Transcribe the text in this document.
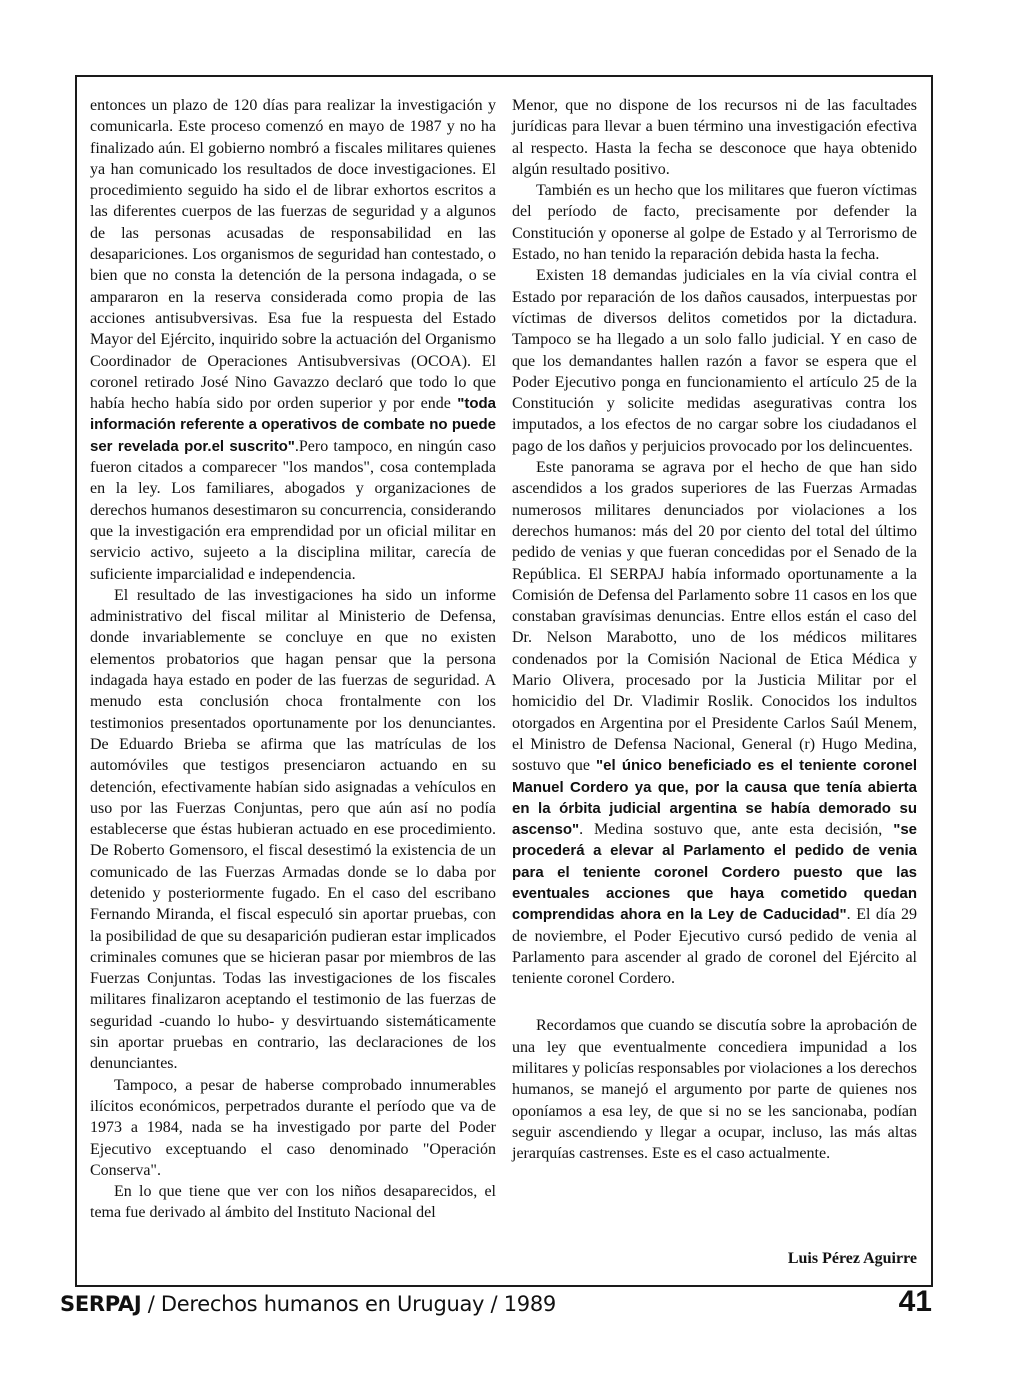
entonces un plazo de 120 días para realizar la investigación y comunicarla. Este proceso comenzó en mayo de 1987 y no ha finalizado aún. El gobierno nombró a fiscales militares quienes ya han comunicado los resultados de doce investigaciones. El procedimiento seguido ha sido el de librar exhortos escritos a las diferentes cuerpos de las fuerzas de seguridad y a algunos de las personas acusadas de responsabilidad en las desapariciones. Los organismos de seguridad han contestado, o bien que no consta la detención de la persona indagada, o se ampararon en la reserva considerada como propia de las acciones antisubversivas. Esa fue la respuesta del Estado Mayor del Ejército, inquirido sobre la actuación del Organismo Coordinador de Operaciones Antisubversivas (OCOA). El coronel retirado José Nino Gavazzo declaró que todo lo que había hecho había sido por orden superior y por ende "toda información referente a operativos de combate no puede ser revelada por.el suscrito".Pero tampoco, en ningún caso fueron citados a comparecer "los mandos", cosa contemplada en la ley. Los familiares, abogados y organizaciones de derechos humanos desestimaron su concurrencia, considerando que la investigación era emprendidad por un oficial militar en servicio activo, sujeeto a la disciplina militar, carecía de suficiente imparcialidad e independencia.

El resultado de las investigaciones ha sido un informe administrativo del fiscal militar al Ministerio de Defensa, donde invariablemente se concluye en que no existen elementos probatorios que hagan pensar que la persona indagada haya estado en poder de las fuerzas de seguridad. A menudo esta conclusión choca frontalmente con los testimonios presentados oportunamente por los denunciantes. De Eduardo Brieba se afirma que las matrículas de los automóviles que testigos presenciaron actuando en su detención, efectivamente habían sido asignadas a vehículos en uso por las Fuerzas Conjuntas, pero que aún así no podía establecerse que éstas hubieran actuado en ese procedimiento. De Roberto Gomensoro, el fiscal desestimó la existencia de un comunicado de las Fuerzas Armadas donde se lo daba por detenido y posteriormente fugado. En el caso del escribano Fernando Miranda, el fiscal especuló sin aportar pruebas, con la posibilidad de que su desaparición pudieran estar implicados criminales comunes que se hicieran pasar por miembros de las Fuerzas Conjuntas. Todas las investigaciones de los fiscales militares finalizaron aceptando el testimonio de las fuerzas de seguridad -cuando lo hubo- y desvirtuando sistemáticamente sin aportar pruebas en contrario, las declaraciones de los denunciantes.

Tampoco, a pesar de haberse comprobado innumerables ilícitos económicos, perpetrados durante el período que va de 1973 a 1984, nada se ha investigado por parte del Poder Ejecutivo exceptuando el caso denominado "Operación Conserva".

En lo que tiene que ver con los niños desaparecidos, el tema fue derivado al ámbito del Instituto Nacional del

Menor, que no dispone de los recursos ni de las facultades jurídicas para llevar a buen término una investigación efectiva al respecto. Hasta la fecha se desconoce que haya obtenido algún resultado positivo.

También es un hecho que los militares que fueron víctimas del período de facto, precisamente por defender la Constitución y oponerse al golpe de Estado y al Terrorismo de Estado, no han tenido la reparación debida hasta la fecha.

Existen 18 demandas judiciales en la vía civial contra el Estado por reparación de los daños causados, interpuestas por víctimas de diversos delitos cometidos por la dictadura. Tampoco se ha llegado a un solo fallo judicial. Y en caso de que los demandantes hallen razón a favor se espera que el Poder Ejecutivo ponga en funcionamiento el artículo 25 de la Constitución y solicite medidas asegurativas contra los imputados, a los efectos de no cargar sobre los ciudadanos el pago de los daños y perjuicios provocado por los delincuentes.

Este panorama se agrava por el hecho de que han sido ascendidos a los grados superiores de las Fuerzas Armadas numerosos militares denunciados por violaciones a los derechos humanos: más del 20 por ciento del total del último pedido de venias y que fueran concedidas por el Senado de la República. El SERPAJ había informado oportunamente a la Comisión de Defensa del Parlamento sobre 11 casos en los que constaban gravísimas denuncias. Entre ellos están el caso del Dr. Nelson Marabotto, uno de los médicos militares condenados por la Comisión Nacional de Etica Médica y Mario Olivera, procesado por la Justicia Militar por el homicidio del Dr. Vladimir Roslik. Conocidos los indultos otorgados en Argentina por el Presidente Carlos Saúl Menem, el Ministro de Defensa Nacional, General (r) Hugo Medina, sostuvo que "el único beneficiado es el teniente coronel Manuel Cordero ya que, por la causa que tenía abierta en la órbita judicial argentina se había demorado su ascenso". Medina sostuvo que, ante esta decisión, "se procederá a elevar al Parlamento el pedido de venia para el teniente coronel Cordero puesto que las eventuales acciones que haya cometido quedan comprendidas ahora en la Ley de Caducidad". El día 29 de noviembre, el Poder Ejecutivo cursó pedido de venia al Parlamento para ascender al grado de coronel del Ejército al teniente coronel Cordero.

Recordamos que cuando se discutía sobre la aprobación de una ley que eventualmente concediera impunidad a los militares y policías responsables por violaciones a los derechos humanos, se manejó el argumento por parte de quienes nos oponíamos a esa ley, de que si no se les sancionaba, podían seguir ascendiendo y llegar a ocupar, incluso, las más altas jerarquías castrenses. Este es el caso actualmente.

Luis Pérez Aguirre
SERPAJ / Derechos humanos en Uruguay / 1989	41
